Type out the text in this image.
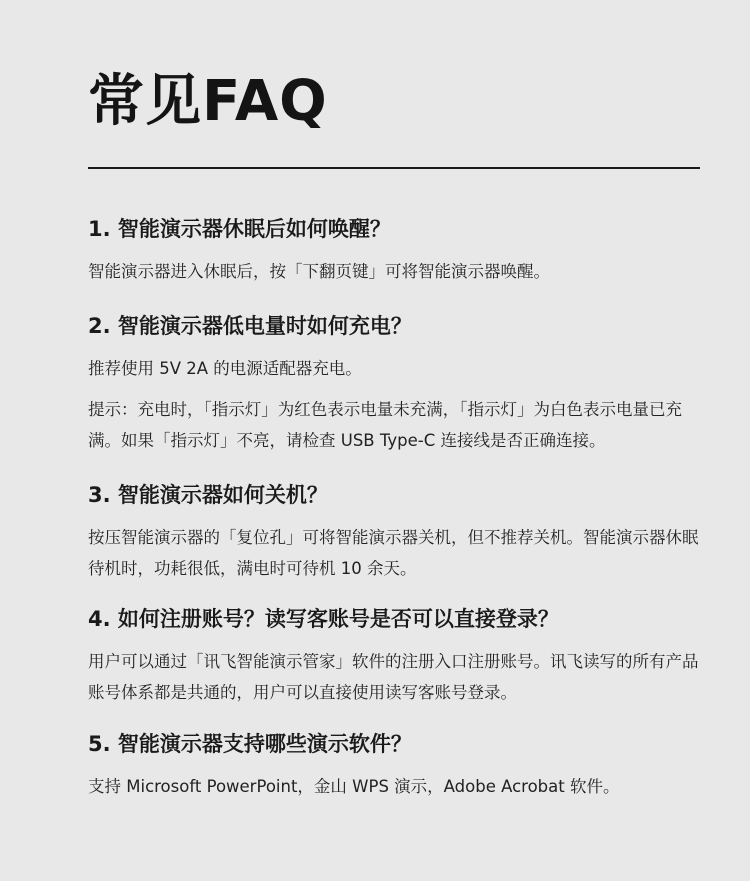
常见FAQ

1. 智能演示器休眠后如何唤醒？

智能演示器进入休眠后，按「下翻页键」可将智能演示器唤醒。

2. 智能演示器低电量时如何充电？

推荐使用 5V 2A 的电源适配器充电。

提示：充电时，「指示灯」为红色表示电量未充满，「指示灯」为白色表示电量已充满。如果「指示灯」不亮，请检查 USB Type-C 连接线是否正确连接。

3. 智能演示器如何关机？

按压智能演示器的「复位孔」可将智能演示器关机，但不推荐关机。智能演示器休眠待机时，功耗很低，满电时可待机 10 余天。

4. 如何注册账号？读写客账号是否可以直接登录？

用户可以通过「讯飞智能演示管家」软件的注册入口注册账号。讯飞读写的所有产品账号体系都是共通的，用户可以直接使用读写客账号登录。

5. 智能演示器支持哪些演示软件？

支持 Microsoft PowerPoint，金山 WPS 演示，Adobe Acrobat 软件。
